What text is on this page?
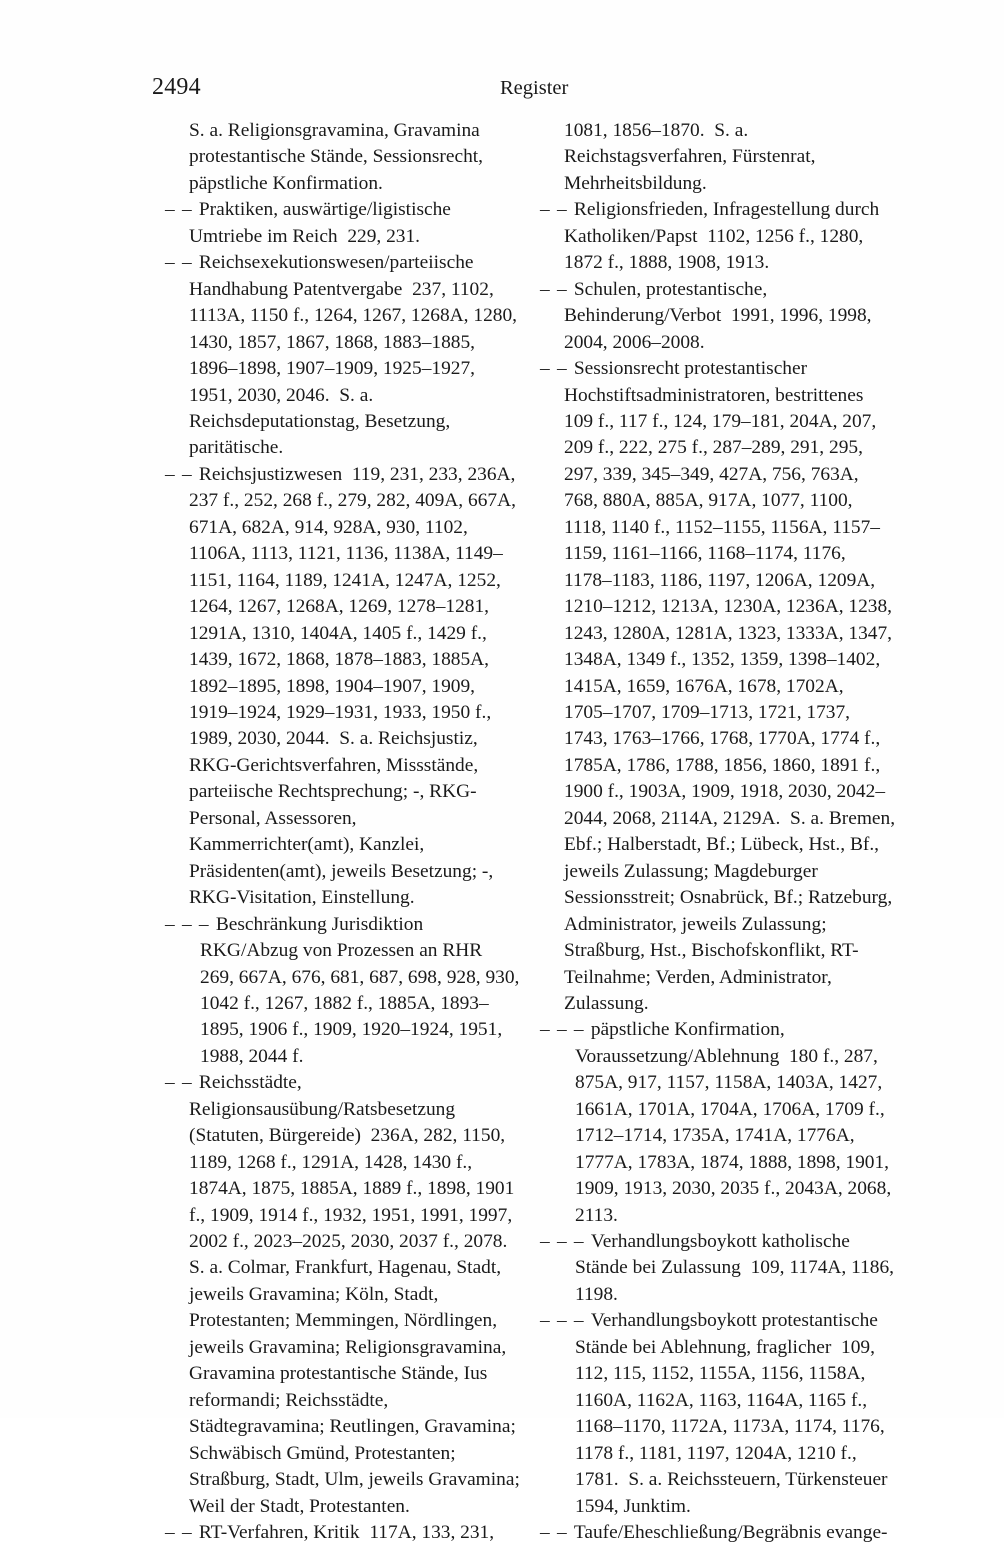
2494	Register

S. a. Religionsgravamina, Gravamina protestantische Stände, Sessionsrecht, päpstliche Konfirmation.

– – Praktiken, auswärtige/ligistische Umtriebe im Reich  229, 231.

– – Reichsexekutionswesen/parteiische Handhabung Patentvergabe  237, 1102, 1113A, 1150 f., 1264, 1267, 1268A, 1280, 1430, 1857, 1867, 1868, 1883–1885, 1896–1898, 1907–1909, 1925–1927, 1951, 2030, 2046.  S. a. Reichsdeputationstag, Besetzung, paritätische.

– – Reichsjustizwesen  119, 231, 233, 236A, 237 f., 252, 268 f., 279, 282, 409A, 667A, 671A, 682A, 914, 928A, 930, 1102, 1106A, 1113, 1121, 1136, 1138A, 1149–1151, 1164, 1189, 1241A, 1247A, 1252, 1264, 1267, 1268A, 1269, 1278–1281, 1291A, 1310, 1404A, 1405 f., 1429 f., 1439, 1672, 1868, 1878–1883, 1885A, 1892–1895, 1898, 1904–1907, 1909, 1919–1924, 1929–1931, 1933, 1950 f., 1989, 2030, 2044.  S. a. Reichsjustiz, RKG-Gerichtsverfahren, Missstände, parteiische Rechtsprechung; -, RKG-Personal, Assessoren, Kammerrichter(amt), Kanzlei, Präsidenten(amt), jeweils Besetzung; -, RKG-Visitation, Einstellung.

– – – Beschränkung Jurisdiktion RKG/Abzug von Prozessen an RHR  269, 667A, 676, 681, 687, 698, 928, 930, 1042 f., 1267, 1882 f., 1885A, 1893–1895, 1906 f., 1909, 1920–1924, 1951, 1988, 2044 f.

– – Reichsstädte, Religionsausübung/Ratsbesetzung (Statuten, Bürgereide)  236A, 282, 1150, 1189, 1268 f., 1291A, 1428, 1430 f., 1874A, 1875, 1885A, 1889 f., 1898, 1901 f., 1909, 1914 f., 1932, 1951, 1991, 1997, 2002 f., 2023–2025, 2030, 2037 f., 2078.  S. a. Colmar, Frankfurt, Hagenau, Stadt, jeweils Gravamina; Köln, Stadt, Protestanten; Memmingen, Nördlingen, jeweils Gravamina; Religionsgravamina, Gravamina protestantische Stände, Ius reformandi; Reichsstädte, Städtegravamina; Reutlingen, Gravamina; Schwäbisch Gmünd, Protestanten; Straßburg, Stadt, Ulm, jeweils Gravamina; Weil der Stadt, Protestanten.

– – RT-Verfahren, Kritik  117A, 133, 231,

1081, 1856–1870.  S. a. Reichstagsverfahren, Fürstenrat, Mehrheitsbildung.

– – Religionsfrieden, Infragestellung durch Katholiken/Papst  1102, 1256 f., 1280, 1872 f., 1888, 1908, 1913.

– – Schulen, protestantische, Behinderung/Verbot  1991, 1996, 1998, 2004, 2006–2008.

– – Sessionsrecht protestantischer Hochstiftsadministratoren, bestrittenes  109 f., 117 f., 124, 179–181, 204A, 207, 209 f., 222, 275 f., 287–289, 291, 295, 297, 339, 345–349, 427A, 756, 763A, 768, 880A, 885A, 917A, 1077, 1100, 1118, 1140 f., 1152–1155, 1156A, 1157–1159, 1161–1166, 1168–1174, 1176, 1178–1183, 1186, 1197, 1206A, 1209A, 1210–1212, 1213A, 1230A, 1236A, 1238, 1243, 1280A, 1281A, 1323, 1333A, 1347, 1348A, 1349 f., 1352, 1359, 1398–1402, 1415A, 1659, 1676A, 1678, 1702A, 1705–1707, 1709–1713, 1721, 1737, 1743, 1763–1766, 1768, 1770A, 1774 f., 1785A, 1786, 1788, 1856, 1860, 1891 f., 1900 f., 1903A, 1909, 1918, 2030, 2042–2044, 2068, 2114A, 2129A.  S. a. Bremen, Ebf.; Halberstadt, Bf.; Lübeck, Hst., Bf., jeweils Zulassung; Magdeburger Sessionsstreit; Osnabrück, Bf.; Ratzeburg, Administrator, jeweils Zulassung; Straßburg, Hst., Bischofskonflikt, RT-Teilnahme; Verden, Administrator, Zulassung.

– – – päpstliche Konfirmation, Voraussetzung/Ablehnung  180 f., 287, 875A, 917, 1157, 1158A, 1403A, 1427, 1661A, 1701A, 1704A, 1706A, 1709 f., 1712–1714, 1735A, 1741A, 1776A, 1777A, 1783A, 1874, 1888, 1898, 1901, 1909, 1913, 2030, 2035 f., 2043A, 2068, 2113.

– – – Verhandlungsboykott katholische Stände bei Zulassung  109, 1174A, 1186, 1198.

– – – Verhandlungsboykott protestantische Stände bei Ablehnung, fraglicher  109, 112, 115, 1152, 1155A, 1156, 1158A, 1160A, 1162A, 1163, 1164A, 1165 f., 1168–1170, 1172A, 1173A, 1174, 1176, 1178 f., 1181, 1197, 1204A, 1210 f., 1781.  S. a. Reichssteuern, Türkensteuer 1594, Junktim.

– – Taufe/Eheschließung/Begräbnis evange-
